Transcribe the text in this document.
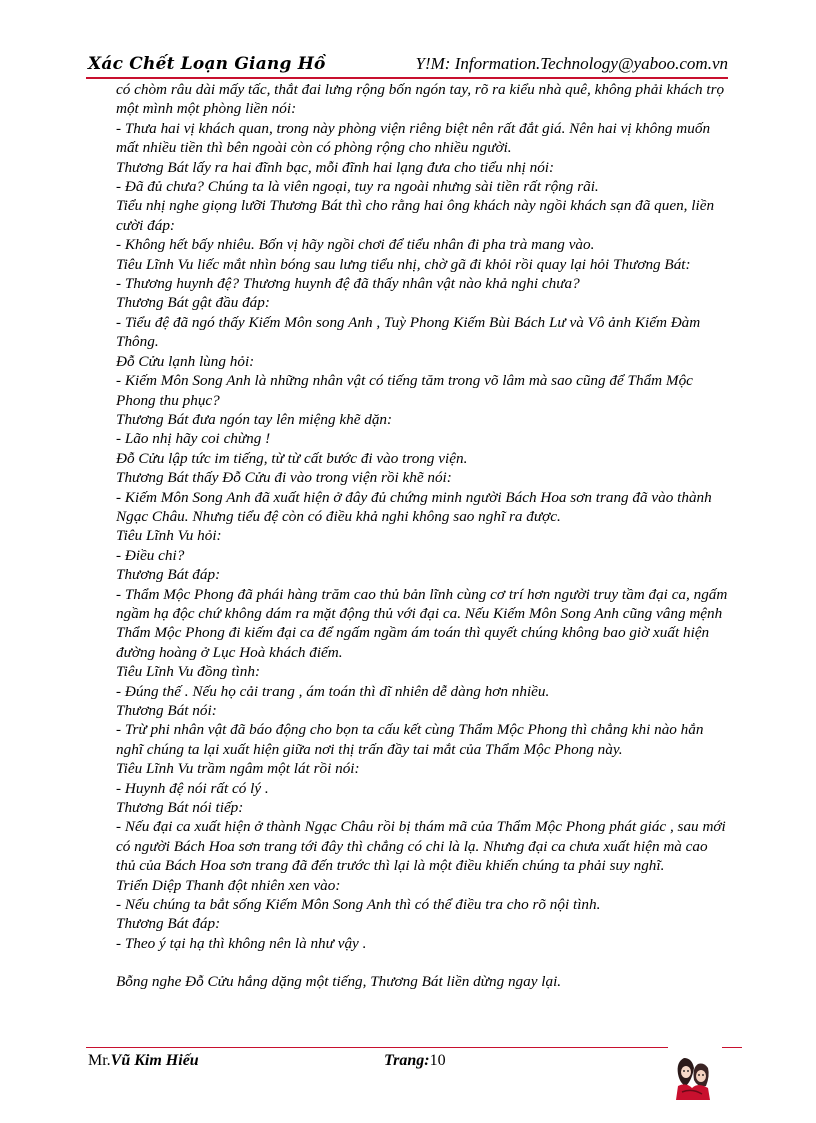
Xác Chết Loạn Giang Hồ	Y!M: Information.Technology@yaboo.com.vn

có chòm râu dài mấy tấc, thắt đai lưng rộng bốn ngón tay, rõ ra kiểu nhà quê, không phải khách trọ một mình một phòng liền nói:

- Thưa hai vị khách quan, trong này phòng viện riêng biệt nên rất đắt giá. Nên hai vị không muốn mất nhiều tiền thì bên ngoài còn có phòng rộng cho nhiều người.

Thương Bát lấy ra hai đĩnh bạc, mỗi đĩnh hai lạng đưa cho tiểu nhị nói:

- Đã đủ chưa? Chúng ta là viên ngoại, tuy ra ngoài nhưng sài tiền rất rộng rãi.

Tiểu nhị nghe giọng lưỡi Thương Bát thì cho rằng hai ông khách này ngồi khách sạn đã quen, liền cười đáp:

- Không hết bấy nhiêu. Bốn vị hãy ngồi chơi để tiểu nhân đi pha trà mang vào.

Tiêu Lĩnh Vu liếc mắt nhìn bóng sau lưng tiểu nhị, chờ gã đi khỏi rồi quay lại hỏi Thương Bát:

- Thương huynh đệ? Thương huynh đệ đã thấy nhân vật nào khả nghi chưa?

Thương Bát gật đầu đáp:

- Tiểu đệ đã ngó thấy Kiếm Môn song Anh , Tuỳ Phong Kiếm Bùi Bách Lư và Vô ảnh Kiếm Đàm Thông.

Đỗ Cửu lạnh lùng hỏi:

- Kiếm Môn Song Anh là những nhân vật có tiếng tăm trong võ lâm mà sao cũng để Thẩm Mộc Phong thu phục?

Thương Bát đưa ngón tay lên miệng khẽ dặn:

- Lão nhị hãy coi chừng !

Đỗ Cửu lập tức im tiếng, từ từ cất bước đi vào trong viện.

Thương Bát thấy Đỗ Cửu đi vào trong viện rồi khẽ nói:

- Kiếm Môn Song Anh đã xuất hiện ở đây đủ chứng minh người Bách Hoa sơn trang đã vào thành Ngạc Châu. Nhưng tiểu đệ còn có điều khả nghi không sao nghĩ ra được.

Tiêu Lĩnh Vu hỏi:

- Điều chi?

Thương Bát đáp:

- Thẩm Mộc Phong đã phái hàng trăm cao thủ bản lĩnh cùng cơ trí hơn người truy tầm đại ca, ngấm ngầm hạ độc chứ không dám ra mặt động thủ với đại ca. Nếu Kiếm Môn Song Anh cũng vâng mệnh Thẩm Mộc Phong đi kiếm đại ca để ngấm ngầm ám toán thì quyết chúng không bao giờ xuất hiện đường hoàng ở Lục Hoà khách điếm.

Tiêu Lĩnh Vu đồng tình:

- Đúng thế . Nếu họ cải trang , ám toán thì dĩ nhiên dễ dàng hơn nhiều.

Thương Bát nói:

- Trừ phi nhân vật đã báo động cho bọn ta cấu kết cùng Thẩm Mộc Phong thì chẳng khi nào hắn nghĩ chúng ta lại xuất hiện giữa nơi thị trấn đầy tai mắt của Thẩm Mộc Phong này.

Tiêu Lĩnh Vu trầm ngâm một lát rồi nói:

- Huynh đệ nói rất có lý .

Thương Bát nói tiếp:

- Nếu đại ca xuất hiện ở thành Ngạc Châu rồi bị thám mã của Thẩm Mộc Phong phát giác , sau mới có người Bách Hoa sơn trang tới đây thì chẳng có chi là lạ. Nhưng đại ca chưa xuất hiện mà cao thủ của Bách Hoa sơn trang đã đến trước thì lại là một điều khiến chúng ta phải suy nghĩ.

Triển Diệp Thanh đột nhiên xen vào:

- Nếu chúng ta bắt sống Kiếm Môn Song Anh thì có thể điều tra cho rõ nội tình.

Thương Bát đáp:

- Theo ý tại hạ thì không nên là như vậy .

Bỗng nghe Đỗ Cửu hắng dặng một tiếng, Thương Bát liền dừng ngay lại.

Mr.Vũ Kim Hiếu	Trang:10
